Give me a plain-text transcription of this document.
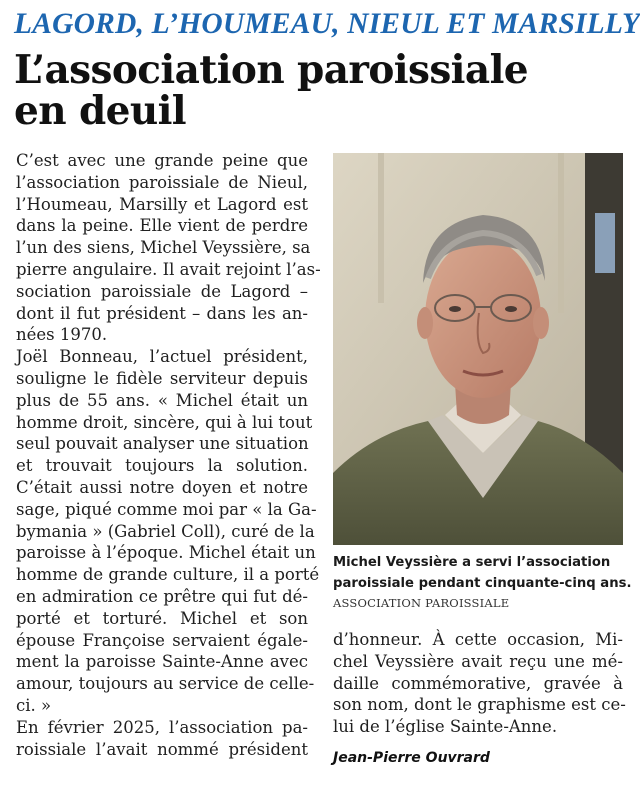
LAGORD, L’HOUMEAU, NIEUL ET MARSILLY
L’association paroissiale
en deuil
C’est avec une grande peine que
l’association paroissiale de Nieul,
l’Houmeau, Marsilly et Lagord est
dans la peine. Elle vient de perdre
l’un des siens, Michel Veyssière, sa
pierre angulaire. Il avait rejoint l’as-
sociation paroissiale de Lagord –
dont il fut président – dans les an-
nées 1970.
Joël Bonneau, l’actuel président,
souligne le fidèle serviteur depuis
plus de 55 ans. « Michel était un
homme droit, sincère, qui à lui tout
seul pouvait analyser une situation
et trouvait toujours la solution.
C’était aussi notre doyen et notre
sage, piqué comme moi par « la Ga-
bymania » (Gabriel Coll), curé de la
paroisse à l’époque. Michel était un
homme de grande culture, il a porté
en admiration ce prêtre qui fut dé-
porté et torturé. Michel et son
épouse Françoise servaient égale-
ment la paroisse Sainte-Anne avec
amour, toujours au service de celle-
ci. »
En février 2025, l’association pa-
roissiale l’avait nommé président
Michel Veyssière a servi l’association
paroissiale pendant cinquante-cinq ans.
ASSOCIATION PAROISSIALE
d’honneur. À cette occasion, Mi-
chel Veyssière avait reçu une mé-
daille commémorative, gravée à
son nom, dont le graphisme est ce-
lui de l’église Sainte-Anne.
Jean-Pierre Ouvrard
